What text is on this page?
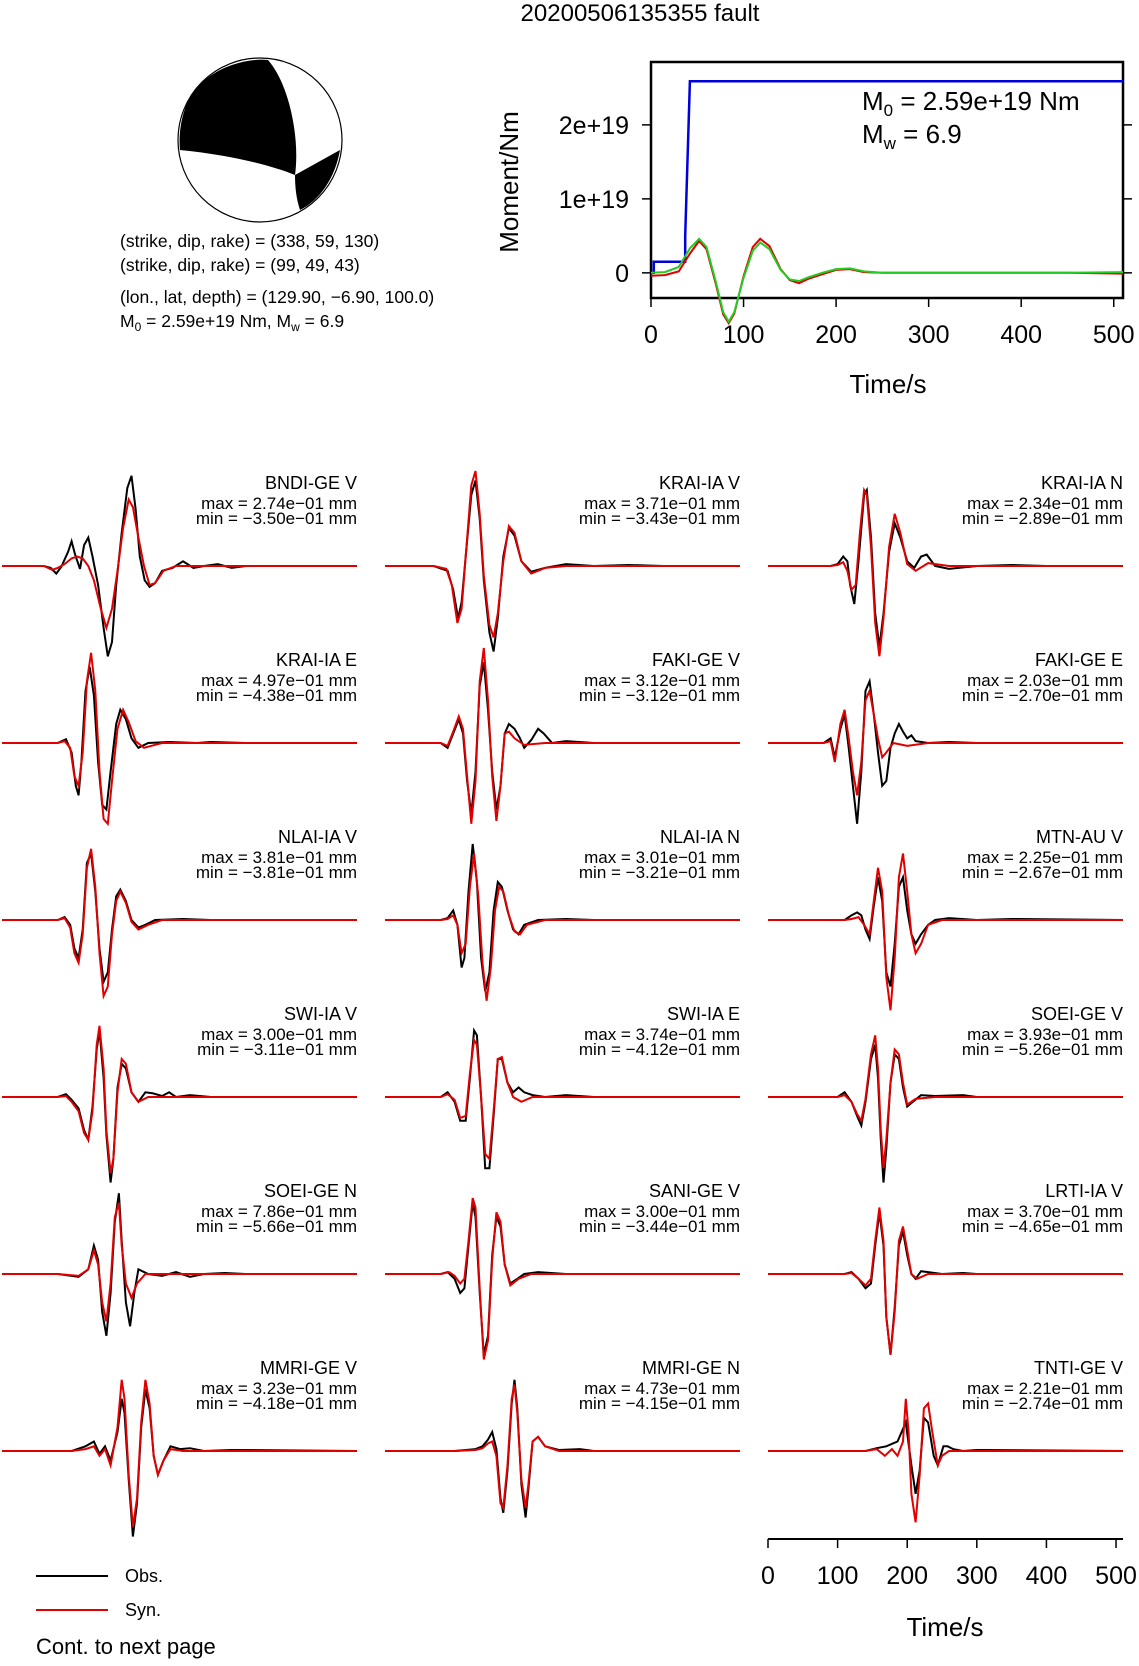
20200506135355 fault
(strike, dip, rake) = (338, 59, 130)
(strike, dip, rake) = (99, 49, 43)
(lon., lat, depth) = (129.90, −6.90, 100.0)
$M_0 = 2.59e+19$ Nm, $M_w = 6.9$
Moment/Nm
Time/s
$M_0 = 2.59e+19$ Nm
$M_w = 6.9$
0	100 200 300 400 500
0
1e+19
2e+19
BNDI-GE V
max = 2.74e−01 mm
min = −3.50e−01 mm
KRAI-IA V
max = 3.71e−01 mm
min = −3.43e−01 mm
KRAI-IA N
max = 2.34e−01 mm
min = −2.89e−01 mm
KRAI-IA E
max = 4.97e−01 mm
min = −4.38e−01 mm
FAKI-GE V
max = 3.12e−01 mm
min = −3.12e−01 mm
FAKI-GE E
max = 2.03e−01 mm
min = −2.70e−01 mm
NLAI-IA V
max = 3.81e−01 mm
min = −3.81e−01 mm
NLAI-IA N
max = 3.01e−01 mm
min = −3.21e−01 mm
MTN-AU V
max = 2.25e−01 mm
min = −2.67e−01 mm
SWI-IA V
max = 3.00e−01 mm
min = −3.11e−01 mm
SWI-IA E
max = 3.74e−01 mm
min = −4.12e−01 mm
SOEI-GE V
max = 3.93e−01 mm
min = −5.26e−01 mm
SOEI-GE N
max = 7.86e−01 mm
min = −5.66e−01 mm
SANI-GE V
max = 3.00e−01 mm
min = −3.44e−01 mm
LRTI-IA V
max = 3.70e−01 mm
min = −4.65e−01 mm
MMRI-GE V
max = 3.23e−01 mm
min = −4.18e−01 mm
MMRI-GE N
max = 4.73e−01 mm
min = −4.15e−01 mm
TNTI-GE V
max = 2.21e−01 mm
min = −2.74e−01 mm
Time/s
0 100 200 300 400 500
Obs.
Syn.
Cont. to next page
